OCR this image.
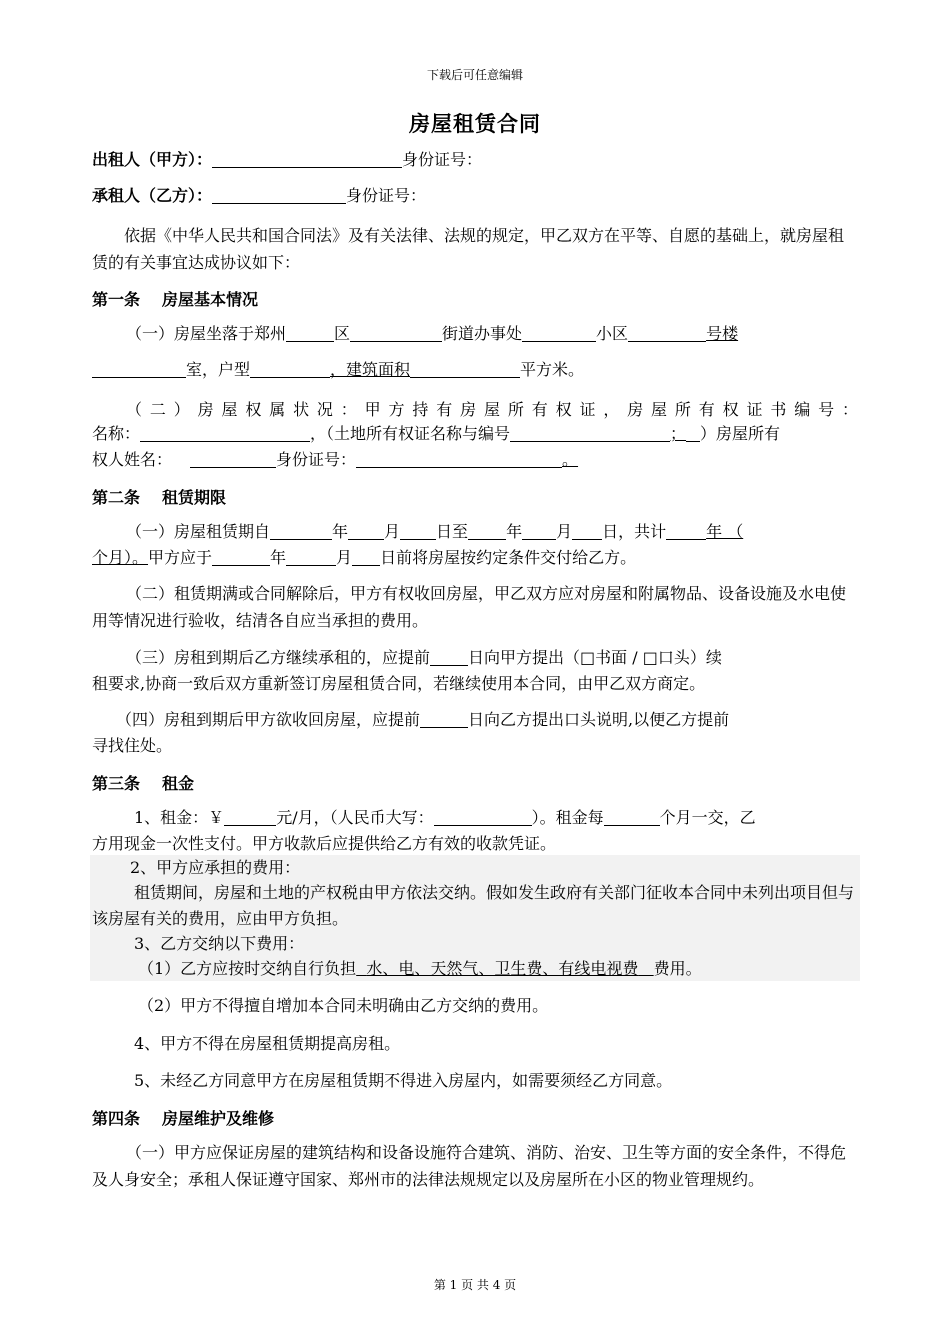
下载后可任意编辑
房屋租赁合同
出租人（甲方）：	身份证号：
承租人（乙方）：	身份证号：
依据《中华人民共和国合同法》及有关法律、法规的规定，甲乙双方在平等、自愿的基础上，就房屋租赁的有关事宜达成协议如下：
第一条 房屋基本情况
（一）房屋坐落于郑州	区	街道办事处	小区	号楼
室，户型	，建筑面积	平方米。
（二）房屋权属状况：甲方持有房屋所有权证，房屋所有权证书编号：
名称：	，（土地所有权证名称与编号	； ）房屋所有
权人姓名：	身份证号：	。
第二条 租赁期限
（一）房屋租赁期自	年 月 日至 年 月 日，共计	年 （
个月）。甲方应于	年	月 日前将房屋按约定条件交付给乙方。
（二）租赁期满或合同解除后，甲方有权收回房屋，甲乙双方应对房屋和附属物品、设备设施及水电使用等情况进行验收，结清各自应当承担的费用。
（三）房租到期后乙方继续承租的，应提前 日向甲方提出（□书面 / □口头）续
租要求,协商一致后双方重新签订房屋租赁合同，若继续使用本合同，由甲乙双方商定。
（四）房租到期后甲方欲收回房屋，应提前	日向乙方提出口头说明,以便乙方提前
寻找住处。
第三条 租金
1、租金：￥	元/月，（人民币大写：	）。租金每	个月一交，乙
方用现金一次性支付。甲方收款后应提供给乙方有效的收款凭证。
2、甲方应承担的费用：
租赁期间，房屋和土地的产权税由甲方依法交纳。假如发生政府有关部门征收本合同中未列出项目但与该房屋有关的费用，应由甲方负担。
3、乙方交纳以下费用：
（1）乙方应按时交纳自行负担 水、电、天然气、卫生费、有线电视费 费用。
（2）甲方不得擅自增加本合同未明确由乙方交纳的费用。
4、甲方不得在房屋租赁期提高房租。
5、未经乙方同意甲方在房屋租赁期不得进入房屋内，如需要须经乙方同意。
第四条 房屋维护及维修
（一）甲方应保证房屋的建筑结构和设备设施符合建筑、消防、治安、卫生等方面的安全条件，不得危及人身安全；承租人保证遵守国家、郑州市的法律法规规定以及房屋所在小区的物业管理规约。
第 1 页 共 4 页
